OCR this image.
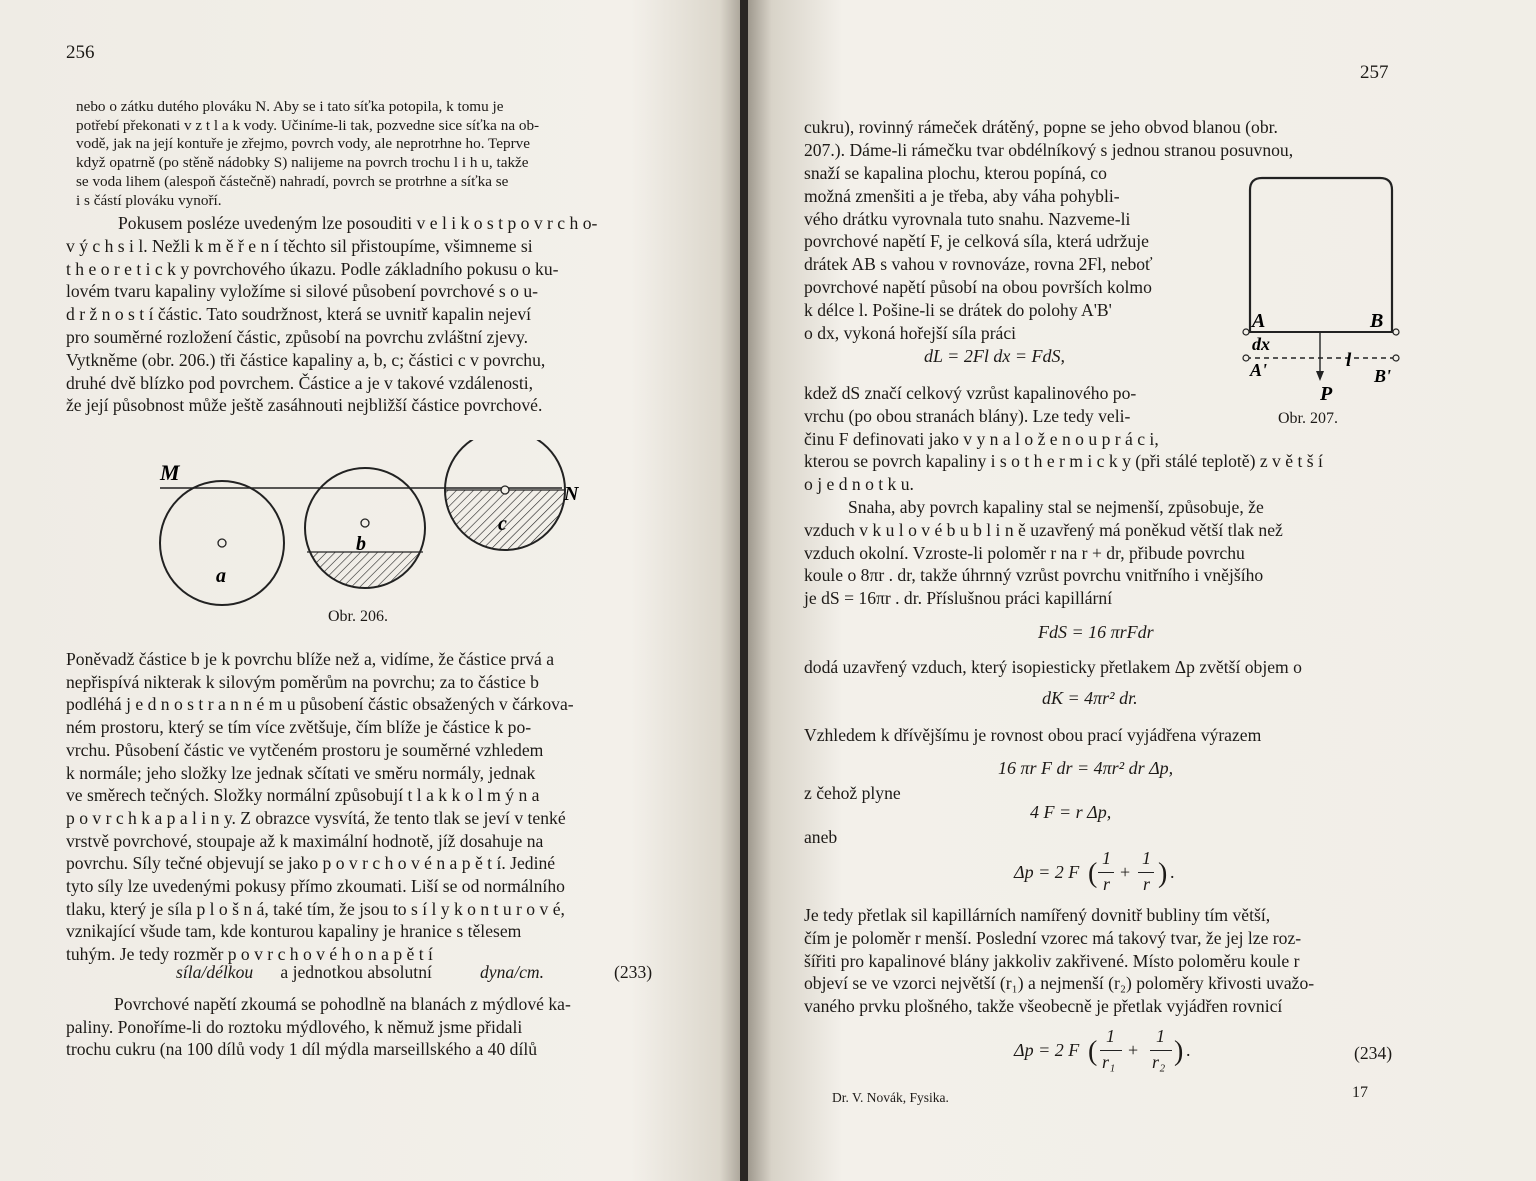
256
nebo o zátku dutého plováku N. Aby se i tato síťka potopila, k tomu je
potřebí překonati v z t l a k vody. Učiníme-li tak, pozvedne sice síťka na ob-
vodě, jak na její kontuře je zřejmo, povrch vody, ale neprotrhne ho. Teprve
když opatrně (po stěně nádobky S) nalijeme na povrch trochu l i h u, takže
se voda lihem (alespoň částečně) nahradí, povrch se protrhne a síťka se
i s částí plováku vynoří.
Pokusem posléze uvedeným lze posouditi v e l i k o s t p o v r c h o-
v ý c h s i l. Nežli k m ě ř e n í těchto sil přistoupíme, všimneme si
t h e o r e t i c k y povrchového úkazu. Podle základního pokusu o ku-
lovém tvaru kapaliny vyložíme si silové působení povrchové s o u-
d r ž n o s t í částic. Tato soudržnost, která se uvnitř kapalin nejeví
pro souměrné rozložení částic, způsobí na povrchu zvláštní zjevy.
Vytkněme (obr. 206.) tři částice kapaliny a, b, c; částici c v povrchu,
druhé dvě blízko pod povrchem. Částice a je v takové vzdálenosti,
že její působnost může ještě zasáhnouti nejbližší částice povrchové.
M
N
a
b
c
Obr. 206.
Poněvadž částice b je k povrchu blíže než a, vidíme, že částice prvá a
nepřispívá nikterak k silovým poměrům na povrchu; za to částice b
podléhá j e d n o s t r a n n é m u působení částic obsažených v čárkova-
ném prostoru, který se tím více zvětšuje, čím blíže je částice k po-
vrchu. Působení částic ve vytčeném prostoru je souměrné vzhledem
k normále; jeho složky lze jednak sčítati ve směru normály, jednak
ve směrech tečných. Složky normální způsobují t l a k k o l m ý n a
p o v r c h k a p a l i n y. Z obrazce vysvítá, že tento tlak se jeví v tenké
vrstvě povrchové, stoupaje až k maximální hodnotě, jíž dosahuje na
povrchu. Síly tečné objevují se jako p o v r c h o v é n a p ě t í. Jediné
tyto síly lze uvedenými pokusy přímo zkoumati. Liší se od normálního
tlaku, který je síla p l o š n á, také tím, že jsou to s í l y k o n t u r o v é,
vznikající všude tam, kde konturou kapaliny je hranice s tělesem
tuhým. Je tedy rozměr p o v r c h o v é h o n a p ě t í
síla/délkou a jednotkou absolutní dyna/cm.	(233)
Povrchové napětí zkoumá se pohodlně na blanách z mýdlové ka-
paliny. Ponoříme-li do roztoku mýdlového, k němuž jsme přidali
trochu cukru (na 100 dílů vody 1 díl mýdla marseillského a 40 dílů
257
cukru), rovinný rámeček drátěný, popne se jeho obvod blanou (obr.
207.). Dáme-li rámečku tvar obdélníkový s jednou stranou posuvnou,
snaží se kapalina plochu, kterou popíná, co
možná zmenšiti a je třeba, aby váha pohybli-
vého drátku vyrovnala tuto snahu. Nazveme-li
povrchové napětí F, je celková síla, která udržuje
drátek AB s vahou v rovnováze, rovna 2Fl, neboť
povrchové napětí působí na obou površích kolmo
k délce l. Pošine-li se drátek do polohy A'B'
o dx, vykoná hořejší síla práci
dL = 2Fl dx = FdS,
kdež dS značí celkový vzrůst kapalinového po-
vrchu (po obou stranách blány). Lze tedy veli-
činu F definovati jako v y n a l o ž e n o u p r á c i,
kterou se povrch kapaliny i s o t h e r m i c k y (při stálé teplotě) z v ě t š í
o j e d n o t k u.
A	B
dx
A'	l
B'
P
Obr. 207.
Snaha, aby povrch kapaliny stal se nejmenší, způsobuje, že
vzduch v k u l o v é b u b l i n ě uzavřený má poněkud větší tlak než
vzduch okolní. Vzroste-li poloměr r na r + dr, přibude povrchu
koule o 8πr . dr, takže úhrnný vzrůst povrchu vnitřního i vnějšího
je dS = 16πr . dr. Příslušnou práci kapillární
FdS = 16 πrFdr
dodá uzavřený vzduch, který isopiesticky přetlakem Δp zvětší objem o
dK = 4πr² dr.
Vzhledem k dřívějšímu je rovnost obou prací vyjádřena výrazem
16 πr F dr = 4πr² dr Δp,
z čehož plyne
4 F = r Δp,
aneb
Δp = 2 F ( 1
r
+
1
r ) .
Je tedy přetlak sil kapillárních namířený dovnitř bubliny tím větší,
čím je poloměr r menší. Poslední vzorec má takový tvar, že jej lze roz-
šířiti pro kapalinové blány jakkoliv zakřivené. Místo poloměru koule r
objeví se ve vzorci největší (r₁) a nejmenší (r₂) poloměry křivosti uvažo-
vaného prvku plošného, takže všeobecně je přetlak vyjádřen rovnicí
Δp = 2 F ( 1
r₁
+
1
r₂ ) .	(234)
Dr. V. Novák, Fysika.	17
